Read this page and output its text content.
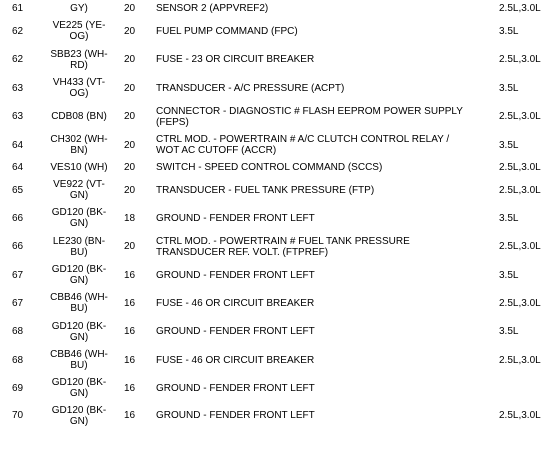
61	GY)	20	SENSOR 2 (APPVREF2)	2.5L,3.0L
62	VE225 (YE-
OG)	20	FUEL PUMP COMMAND (FPC)	3.5L
62	SBB23 (WH-
RD)	20	FUSE - 23 OR CIRCUIT BREAKER	2.5L,3.0L
63	VH433 (VT-
OG)	20	TRANSDUCER - A/C PRESSURE (ACPT)	3.5L
63	CDB08 (BN)	20	CONNECTOR - DIAGNOSTIC # FLASH EEPROM POWER SUPPLY
(FEPS)	2.5L,3.0L
64	CH302 (WH-
BN)	20	CTRL MOD. - POWERTRAIN # A/C CLUTCH CONTROL RELAY /
WOT AC CUTOFF (ACCR)	3.5L
64	VES10 (WH)	20	SWITCH - SPEED CONTROL COMMAND (SCCS)	2.5L,3.0L
65	VE922 (VT-
GN)	20	TRANSDUCER - FUEL TANK PRESSURE (FTP)	2.5L,3.0L
66	GD120 (BK-
GN)	18	GROUND - FENDER FRONT LEFT	3.5L
66	LE230 (BN-
BU)	20	CTRL MOD. - POWERTRAIN # FUEL TANK PRESSURE
TRANSDUCER REF. VOLT. (FTPREF)	2.5L,3.0L
67	GD120 (BK-
GN)	16	GROUND - FENDER FRONT LEFT	3.5L
67	CBB46 (WH-
BU)	16	FUSE - 46 OR CIRCUIT BREAKER	2.5L,3.0L
68	GD120 (BK-
GN)	16	GROUND - FENDER FRONT LEFT	3.5L
68	CBB46 (WH-
BU)	16	FUSE - 46 OR CIRCUIT BREAKER	2.5L,3.0L
69	GD120 (BK-
GN)	16	GROUND - FENDER FRONT LEFT	

70	GD120 (BK-
GN)	16	GROUND - FENDER FRONT LEFT	2.5L,3.0L
